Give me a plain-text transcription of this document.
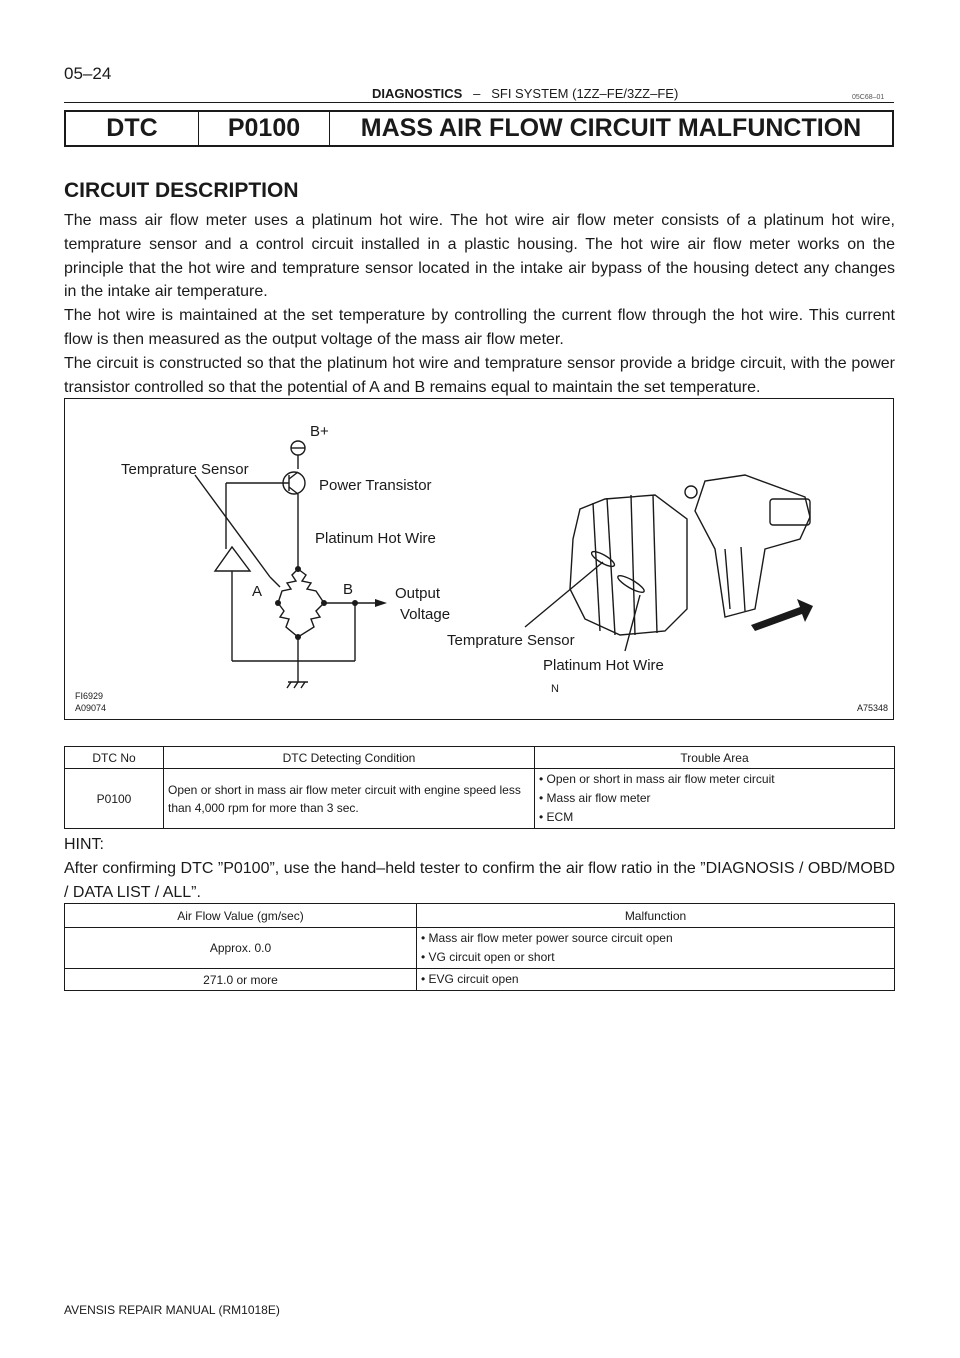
05–24
DIAGNOSTICS – SFI SYSTEM (1ZZ–FE/3ZZ–FE)	05C68–01
DTC	P0100	MASS AIR FLOW CIRCUIT MALFUNCTION
CIRCUIT DESCRIPTION

The mass air flow meter uses a platinum hot wire. The hot wire air flow meter consists of a platinum hot wire, temprature sensor and a control circuit installed in a plastic housing. The hot wire air flow meter works on the principle that the hot wire and temprature sensor located in the intake air bypass of the housing detect any changes in the intake air temperature.

The hot wire is maintained at the set temperature by controlling the current flow through the hot wire. This current flow is then measured as the output voltage of the mass air flow meter.

The circuit is constructed so that the platinum hot wire and temprature sensor provide a bridge circuit, with the power transistor controlled so that the potential of A and B remains equal to maintain the set temperature.

B+
Temprature Sensor
Power Transistor
Platinum Hot Wire
A	B	Output
Voltage
Temprature Sensor
Platinum Hot Wire
N
FI6929
A09074	A75348
DTC No	DTC Detecting Condition	Trouble Area
P0100	Open or short in mass air flow meter circuit with engine speed less than 4,000 rpm for more than 3 sec.	• Open or short in mass air flow meter circuit
• Mass air flow meter
• ECM

HINT:

After confirming DTC ”P0100”, use the hand–held tester to confirm the air flow ratio in the ”DIAGNOSIS / OBD/MOBD / DATA LIST / ALL”.

Air Flow Value (gm/sec)	Malfunction
Approx. 0.0	• Mass air flow meter power source circuit open
• VG circuit open or short

271.0 or more	• EVG circuit open
AVENSIS REPAIR MANUAL (RM1018E)
